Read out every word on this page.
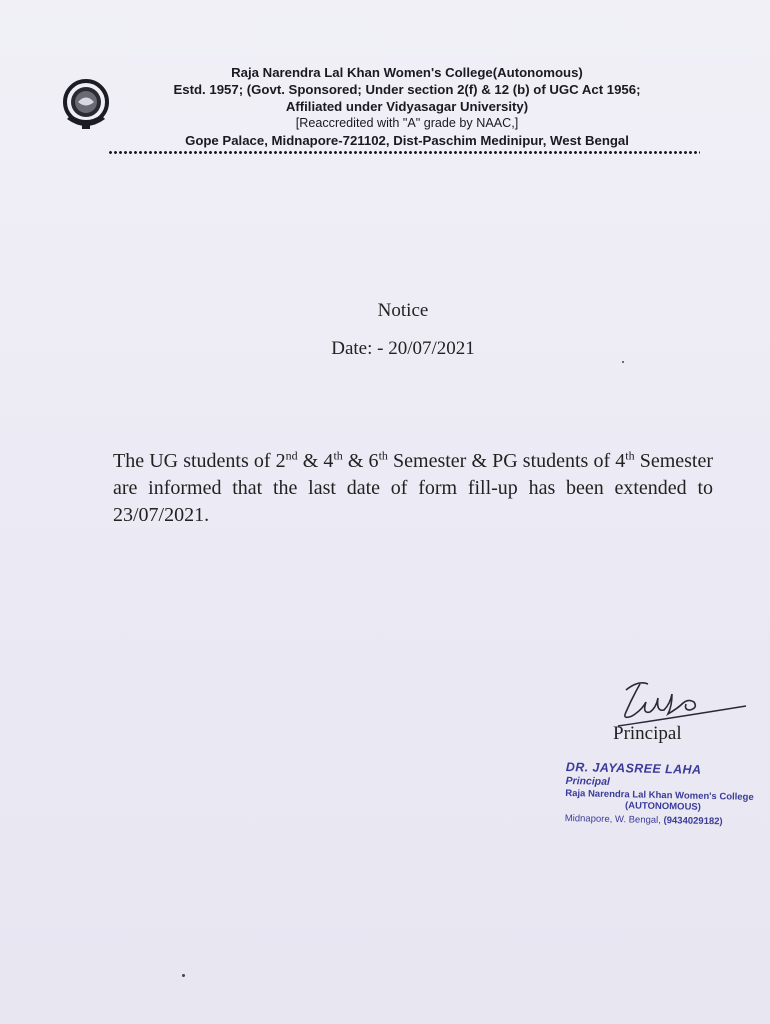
Raja Narendra Lal Khan Women's College(Autonomous)
Estd. 1957; (Govt. Sponsored; Under section 2(f) & 12 (b) of UGC Act 1956;
Affiliated under Vidyasagar University)
[Reaccredited with "A" grade by NAAC,]
Gope Palace, Midnapore-721102, Dist-Paschim Medinipur, West Bengal
Notice
Date: - 20/07/2021
The UG students of 2nd & 4th & 6th Semester & PG students of 4th Semester are informed that the last date of form fill-up has been extended to 23/07/2021.
Principal
DR. JAYASREE LAHA
Principal
Raja Narendra Lal Khan Women's College
(AUTONOMOUS)
Midnapore, W. Bengal, (9434029182)
